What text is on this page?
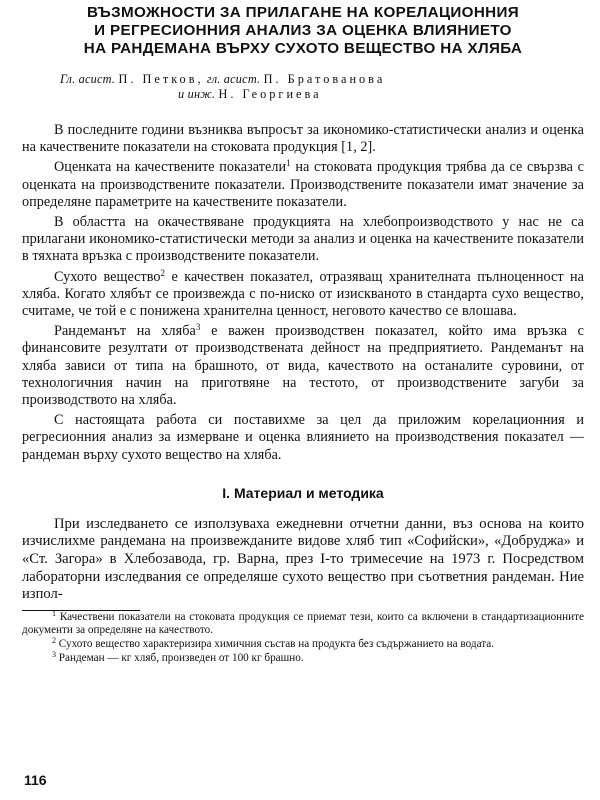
ВЪЗМОЖНОСТИ ЗА ПРИЛАГАНЕ НА КОРЕЛАЦИОННИЯ
И РЕГРЕСИОННИЯ АНАЛИЗ ЗА ОЦЕНКА ВЛИЯНИЕТО
НА РАНДЕМАНА ВЪРХУ СУХОТО ВЕЩЕСТВО НА ХЛЯБА
Гл. асист. П. Петков, гл. асист. П. Братованова
и инж. Н. Георгиева

В последните години възниква въпросът за икономико-статистически анализ и оценка на качествените показатели на стоковата продукция [1, 2].

Оценката на качествените показатели$^1$ на стоковата продукция трябва да се свързва с оценката на производствените показатели. Производствените показатели имат значение за определяне параметрите на качествените показатели.

В областта на окачествяване продукцията на хлебопроизводството у нас не са прилагани икономико-статистически методи за анализ и оценка на качествените показатели в тяхната връзка с производствените показатели.

Сухото вещество$^2$ е качествен показател, отразяващ хранителната пълноценност на хляба. Когато хлябът се произвежда с по-ниско от изискваното в стандарта сухо вещество, считаме, че той е с понижена хранителна ценност, неговото качество се влошава.

Рандеманът на хляба$^3$ е важен производствен показател, който има връзка с финансовите резултати от производствената дейност на предприятието. Рандеманът на хляба зависи от типа на брашното, от вида, качеството на останалите суровини, от технологичния начин на приготвяне на тестото, от производствените загуби за производството на хляба.

С настоящата работа си поставихме за цел да приложим корелационния и регресионния анализ за измерване и оценка влиянието на производствения показател — рандеман върху сухото вещество на хляба.

I. Материал и методика

При изследването се използуваха ежедневни отчетни данни, въз основа на които изчислихме рандемана на произвежданите видове хляб тип «Софийски», «Добруджа» и «Ст. Загора» в Хлебозавода, гр. Варна, през I-то тримесечие на 1973 г. Посредством лабораторни изследвания се определяше сухото вещество при съответния рандеман. Ние изпол-

$^1$ Качествени показатели на стоковата продукция се приемат тези, които са включени в стандартизационните документи за определяне на качеството.

$^2$ Сухото вещество характеризира химичния състав на продукта без съдържанието на водата.

$^3$ Рандеман — кг хляб, произведен от 100 кг брашно.

116
